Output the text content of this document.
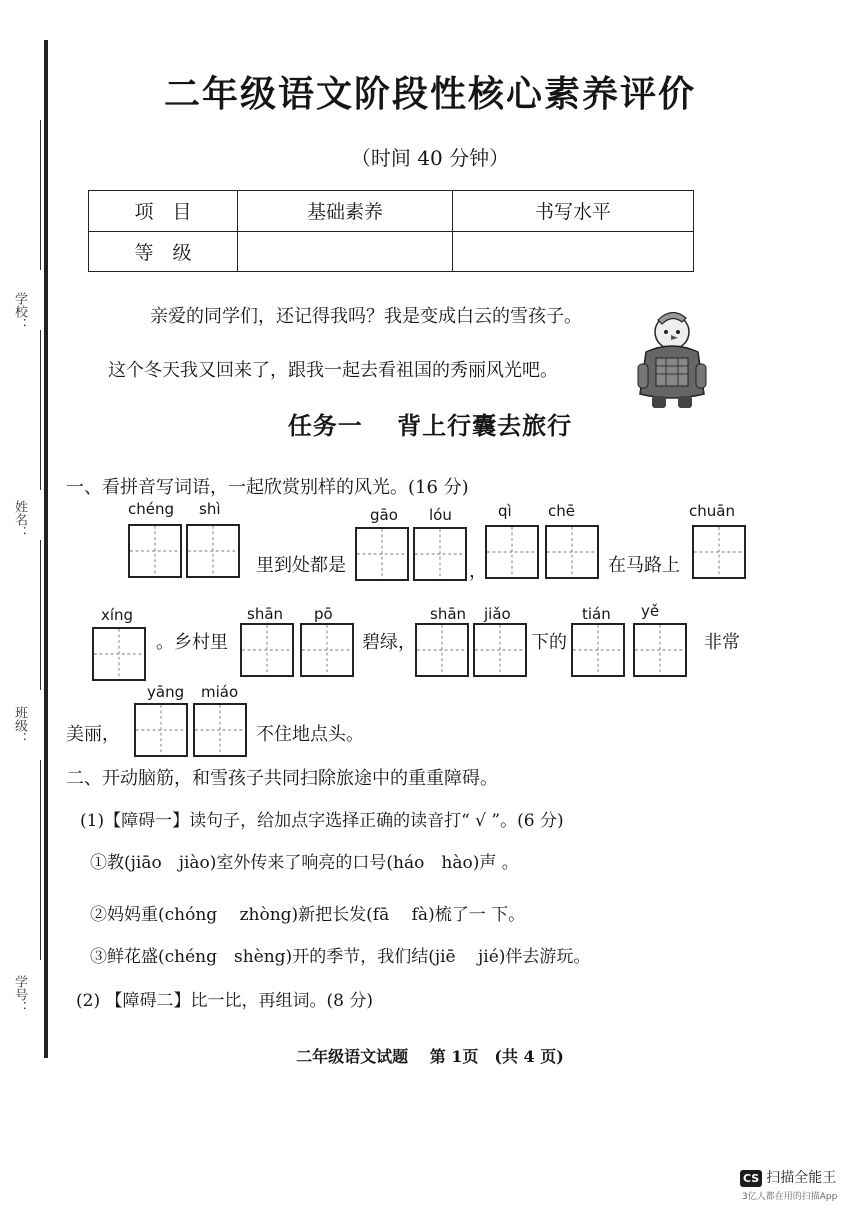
学校：
姓名：
班级：
学号：
二年级语文阶段性核心素养评价
（时间 40 分钟）
项　目	基础素养	书写水平
等　级		
亲爱的同学们，还记得我吗？我是变成白云的雪孩子。
这个冬天我又回来了，跟我一起去看祖国的秀丽风光吧。
任务一　 背上行囊去旅行
一、看拼音写词语，一起欣赏别样的风光。(16 分)
chéng shì	gāo lóu	qì chē	chuān
里到处都是	，	在马路上
xíng	shān pō	shān jiǎo	tián yě
。乡村里	碧绿，	下的	非常
yāng miáo
美丽，	不住地点头。
二、开动脑筋，和雪孩子共同扫除旅途中的重重障碍。
(1)【障碍一】读句子，给加点字选择正确的读音打“ √ ”。(6 分)
①教(jiāo　jiào)室外传来了响亮的口号(háo　hào)声 。
②妈妈重(chóng　 zhòng)新把长发(fā　 fà)梳了一 下。
③鲜花盛(chéng　shèng)开的季节，我们结(jiē　 jié)伴去游玩。
(2) 【障碍二】比一比，再组词。(8 分)
二年级语文试题　 第 1页　(共 4 页)
CS 扫描全能王
3亿人都在用的扫描App
